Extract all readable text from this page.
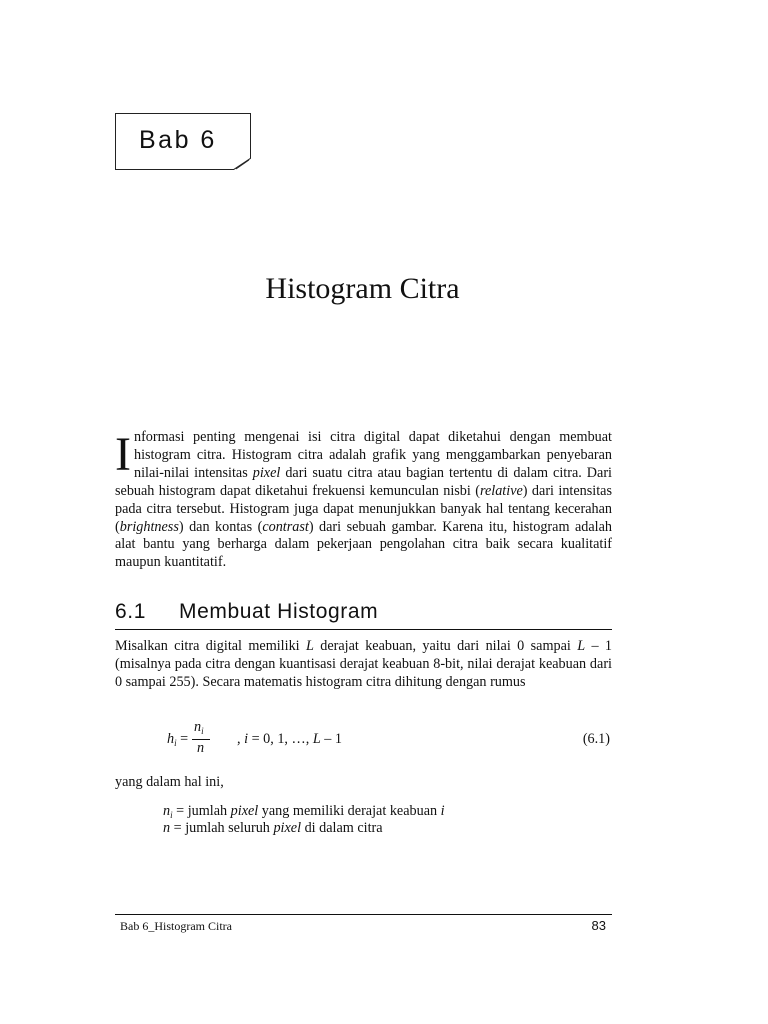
Bab 6
Histogram Citra
Informasi penting mengenai isi citra digital dapat diketahui dengan membuat histogram citra. Histogram citra adalah grafik yang menggambarkan penyebaran nilai-nilai intensitas pixel dari suatu citra atau bagian tertentu di dalam citra. Dari sebuah histogram dapat diketahui frekuensi kemunculan nisbi (relative) dari intensitas pada citra tersebut. Histogram juga dapat menunjukkan banyak hal tentang kecerahan (brightness) dan kontas (contrast) dari sebuah gambar. Karena itu, histogram adalah alat bantu yang berharga dalam pekerjaan pengolahan citra baik secara kualitatif maupun kuantitatif.
6.1 Membuat Histogram
Misalkan citra digital memiliki L derajat keabuan, yaitu dari nilai 0 sampai L – 1 (misalnya pada citra dengan kuantisasi derajat keabuan 8-bit, nilai derajat keabuan dari 0 sampai 255). Secara matematis histogram citra dihitung dengan rumus
$h_i$ =
$n_i$
n
, i = 0, 1, …, L – 1	(6.1)
yang dalam hal ini,
$n_i$ = jumlah pixel yang memiliki derajat keabuan i
n = jumlah seluruh pixel di dalam citra
Bab 6_Histogram Citra	83
